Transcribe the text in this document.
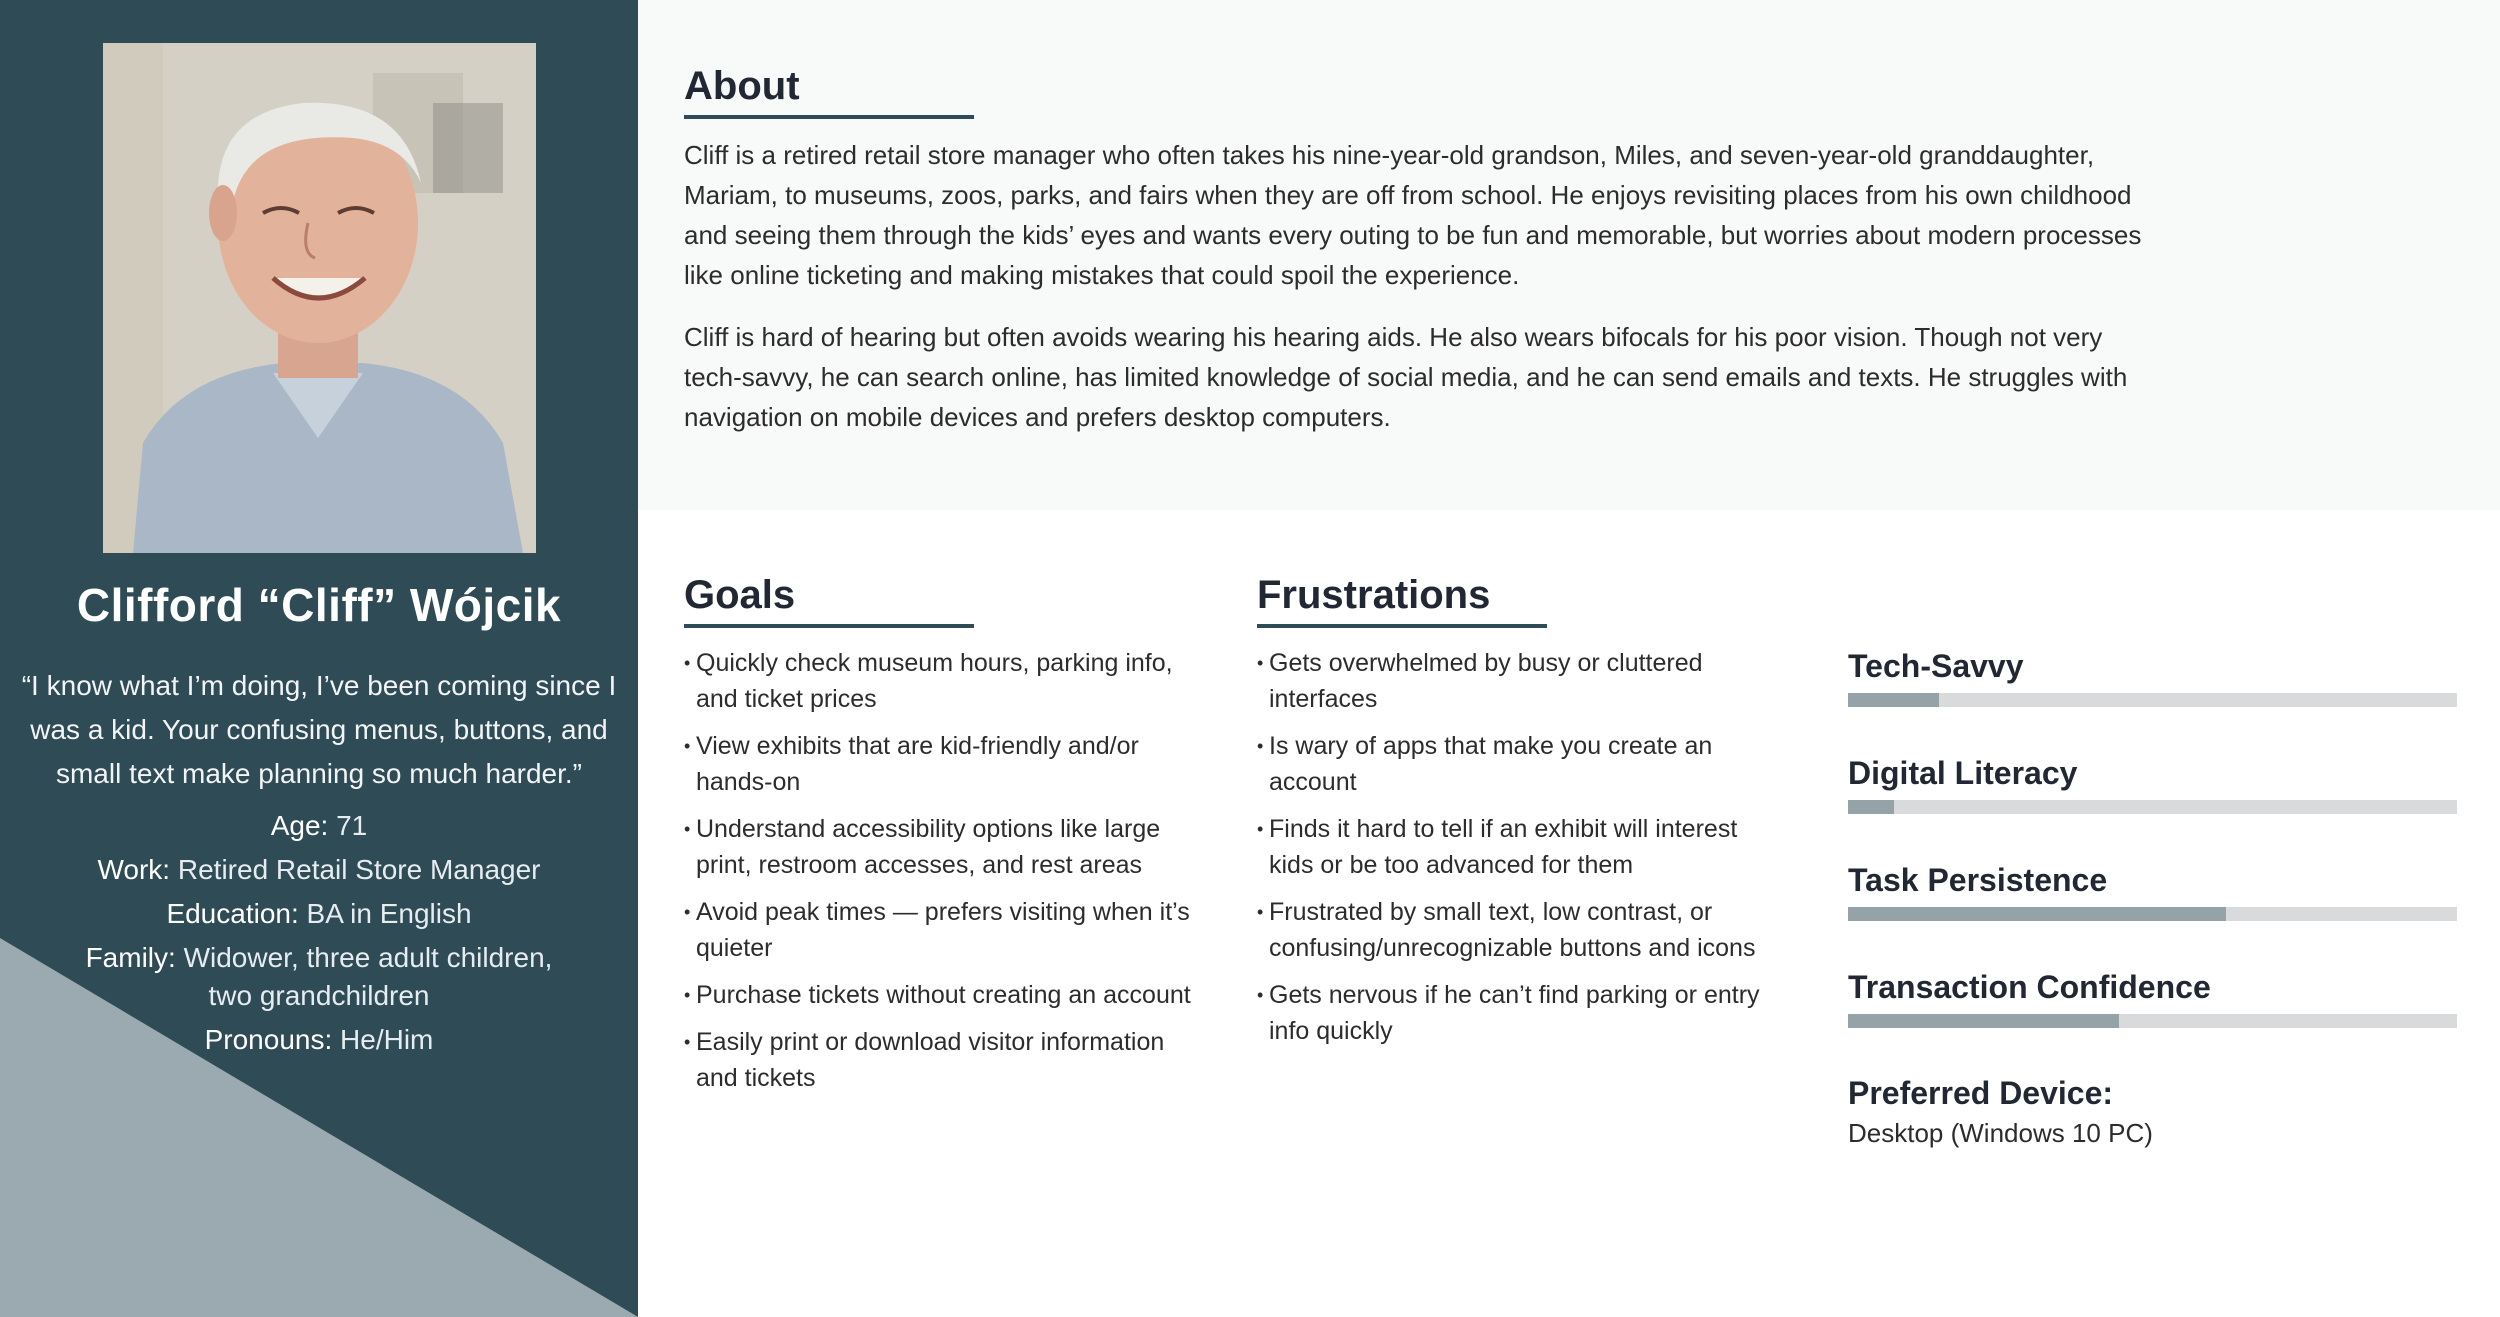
Clifford “Cliff” Wójcik
“I know what I’m doing, I’ve been coming since I was a kid. Your confusing menus, buttons, and small text make planning so much harder.”
Age: 71
Work: Retired Retail Store Manager
Education: BA in English
Family: Widower, three adult children,
two grandchildren
Pronouns: He/Him
About

Cliff is a retired retail store manager who often takes his nine-year-old grandson, Miles, and seven-year-old granddaughter, Mariam, to museums, zoos, parks, and fairs when they are off from school. He enjoys revisiting places from his own childhood and seeing them through the kids’ eyes and wants every outing to be fun and memorable, but worries about modern processes like online ticketing and making mistakes that could spoil the experience.

Cliff is hard of hearing but often avoids wearing his hearing aids. He also wears bifocals for his poor vision. Though not very tech-savvy, he can search online, has limited knowledge of social media, and he can send emails and texts. He struggles with navigation on mobile devices and prefers desktop computers.

Goals
• Quickly check museum hours, parking info, and ticket prices
• View exhibits that are kid-friendly and/or hands-on
• Understand accessibility options like large print, restroom accesses, and rest areas
• Avoid peak times — prefers visiting when it’s quieter
• Purchase tickets without creating an account
• Easily print or download visitor information and tickets
Frustrations
• Gets overwhelmed by busy or cluttered interfaces
• Is wary of apps that make you create an account
• Finds it hard to tell if an exhibit will interest kids or be too advanced for them
• Frustrated by small text, low contrast, or confusing/unrecognizable buttons and icons
• Gets nervous if he can’t find parking or entry info quickly
Tech-Savvy
Digital Literacy
Task Persistence
Transaction Confidence
Preferred Device:
Desktop (Windows 10 PC)
